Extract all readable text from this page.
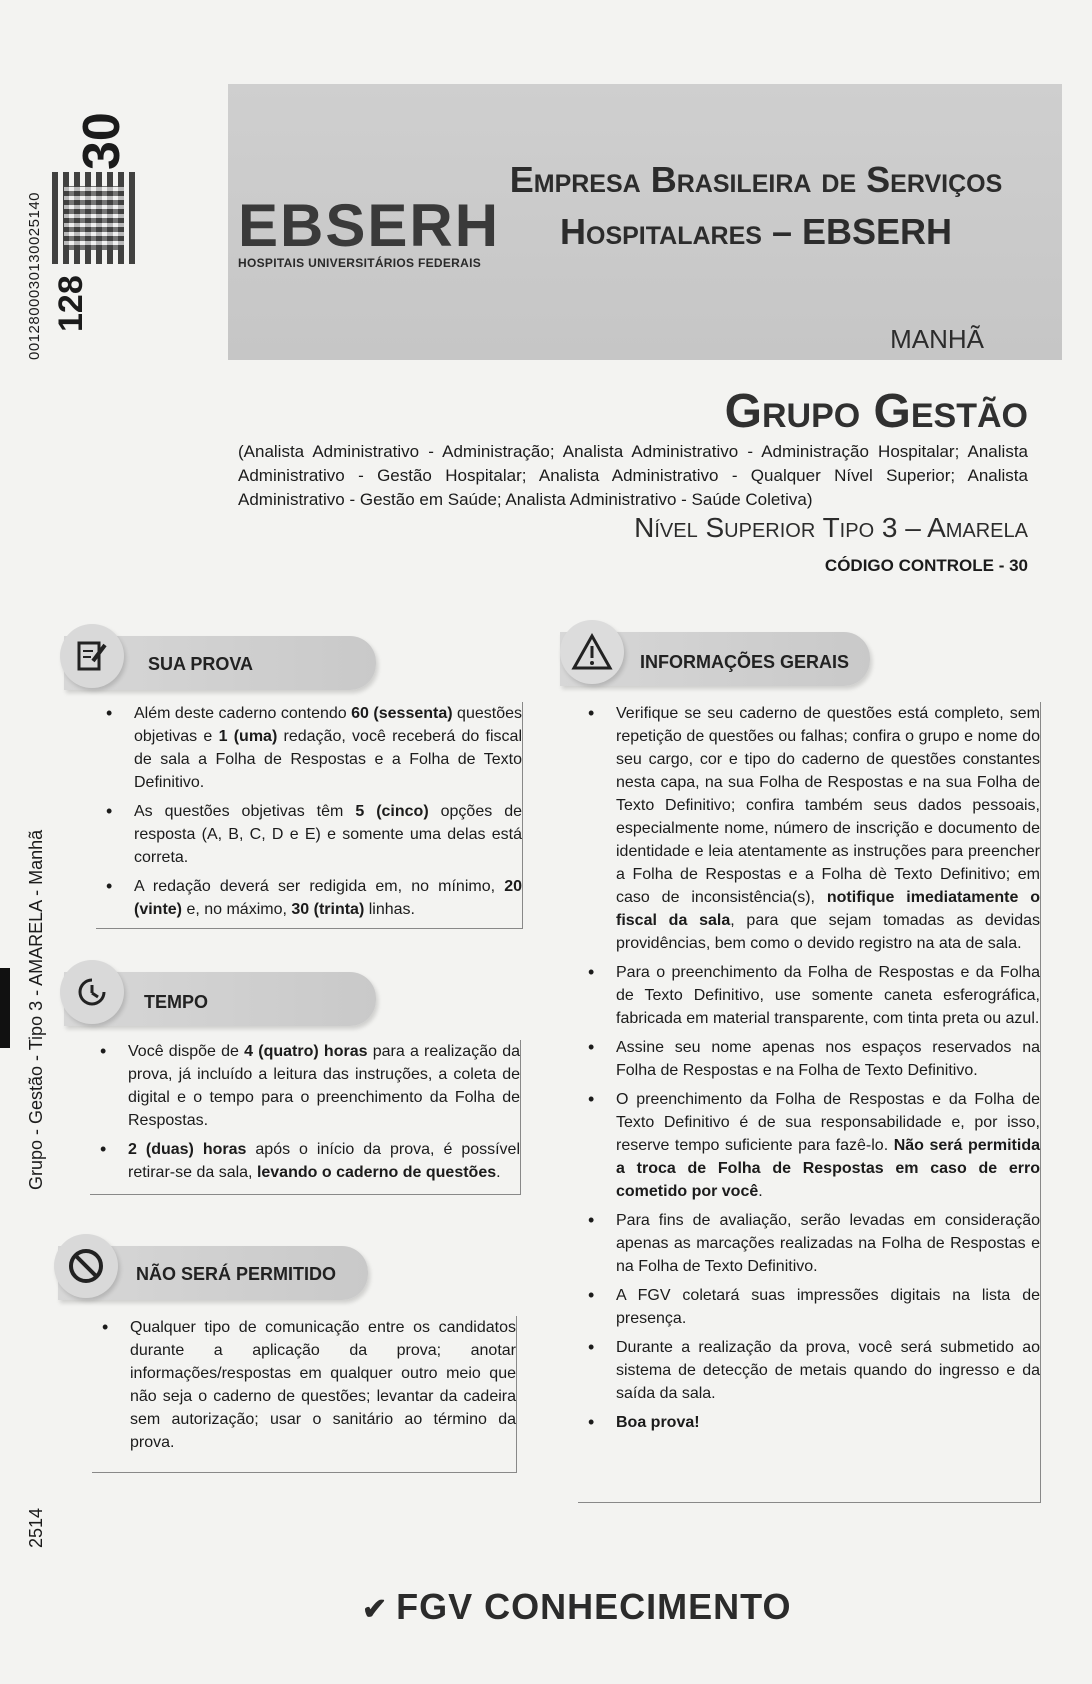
0012800030130025140 128
30
Grupo - Gestão - Tipo 3 - AMARELA - Manhã
2514
EBSERH
HOSPITAIS UNIVERSITÁRIOS FEDERAIS
Empresa Brasileira de Serviços
Hospitalares – EBSERH
MANHÃ
Grupo Gestão
(Analista Administrativo - Administração; Analista Administrativo - Administração Hospitalar; Analista Administrativo - Gestão Hospitalar; Analista Administrativo - Qualquer Nível Superior; Analista Administrativo - Gestão em Saúde; Analista Administrativo - Saúde Coletiva)
Nível Superior Tipo 3 – Amarela
CÓDIGO CONTROLE - 30
SUA PROVA
• Além deste caderno contendo 60 (sessenta) questões objetivas e 1 (uma) redação, você receberá do fiscal de sala a Folha de Respostas e a Folha de Texto Definitivo.
• As questões objetivas têm 5 (cinco) opções de resposta (A, B, C, D e E) e somente uma delas está correta.
• A redação deverá ser redigida em, no mínimo, 20 (vinte) e, no máximo, 30 (trinta) linhas.
TEMPO
• Você dispõe de 4 (quatro) horas para a realização da prova, já incluído a leitura das instruções, a coleta de digital e o tempo para o preenchimento da Folha de Respostas.
• 2 (duas) horas após o início da prova, é possível retirar-se da sala, levando o caderno de questões.
NÃO SERÁ PERMITIDO
• Qualquer tipo de comunicação entre os candidatos durante a aplicação da prova; anotar informações/respostas em qualquer outro meio que não seja o caderno de questões; levantar da cadeira sem autorização; usar o sanitário ao término da prova.
INFORMAÇÕES GERAIS
• Verifique se seu caderno de questões está completo, sem repetição de questões ou falhas; confira o grupo e nome do seu cargo, cor e tipo do caderno de questões constantes nesta capa, na sua Folha de Respostas e na sua Folha de Texto Definitivo; confira também seus dados pessoais, especialmente nome, número de inscrição e documento de identidade e leia atentamente as instruções para preencher a Folha de Respostas e a Folha dè Texto Definitivo; em caso de inconsistência(s), notifique imediatamente o fiscal da sala, para que sejam tomadas as devidas providências, bem como o devido registro na ata de sala.
• Para o preenchimento da Folha de Respostas e da Folha de Texto Definitivo, use somente caneta esferográfica, fabricada em material transparente, com tinta preta ou azul.
• Assine seu nome apenas nos espaços reservados na Folha de Respostas e na Folha de Texto Definitivo.
• O preenchimento da Folha de Respostas e da Folha de Texto Definitivo é de sua responsabilidade e, por isso, reserve tempo suficiente para fazê-lo. Não será permitida a troca de Folha de Respostas em caso de erro cometido por você.
• Para fins de avaliação, serão levadas em consideração apenas as marcações realizadas na Folha de Respostas e na Folha de Texto Definitivo.
• A FGV coletará suas impressões digitais na lista de presença.
• Durante a realização da prova, você será submetido ao sistema de detecção de metais quando do ingresso e da saída da sala.
• Boa prova!
✔ FGV CONHECIMENTO
